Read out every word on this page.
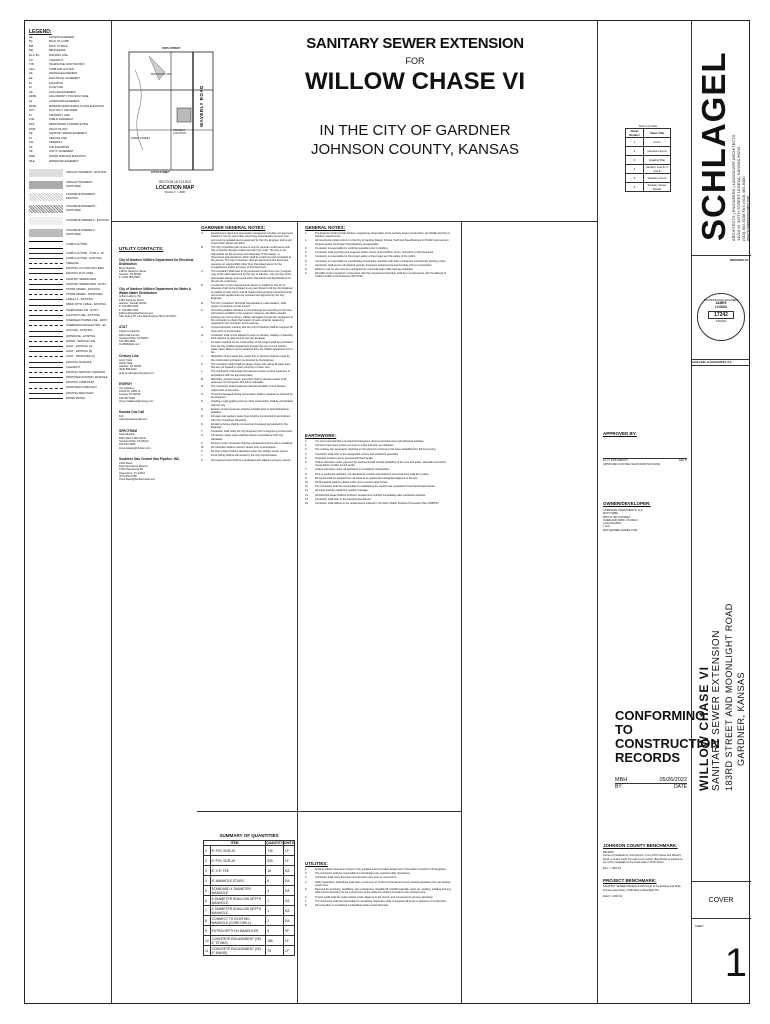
LEGEND:
AE	ACCESS EASEMENT
BC	BACK OF CURB
B/B	BACK TO BACK
BM	BENCHMARK
BL or B.L.	BUILDING LINE
CO	CLEANOUT
TJB	TELEPHONE JUNCTION BOX
C&G	CURB AND GUTTER
DE	DRAINAGE EASEMENT
EE	ELECTRICAL EASEMENT
EL	ELEVATION
FL	FLOW LINE
GE	GAS LINE EASEMENT
HDPE	HIGH DENSITY POLYETHYLENE
LE	LANDSCAPE EASEMENT
MFPE	MINIMUM SERVICEABLE FLOOR ELEVATION
PVC	POLYVINYL CHLORIDE
PL	PROPERTY LINE
PUE	PUBLIC EASEMENT
RCP	REINFORCED CONCRETE PIPE
ROW	RIGHT-OF-WAY
SE	SANITARY SEWER EASEMENT
SL	SERVICE LINE
SW	SIDEWALK
TE	TOP ELEVATION
UE	UTILITY EASEMENT
WSE	WATER SURFACE ELEVATION
WLE	WATERLINE EASEMENT
ASPHALT PAVEMENT - EXISTING
ASPHALT PAVEMENT - PROPOSED
CONCRETE PAVEMENT - EXISTING
CONCRETE PAVEMENT - PROPOSED
CONCRETE SIDEWALK - EXISTING
CONCRETE SIDEWALK - PROPOSED
CURB & GUTTER
CURB & GUTTER - TYPE A - 20'
CURB & GUTTER - EXISTING
TREELINE
EXISTING LOT AND R/W LINES
EXISTING PLAT LINES
SANITARY SEWER MAIN
SANITARY SEWER MAIN - EXIST
STORM SEWER - EXISTING
STORM SEWER - PROPOSED
CABLE TV - EXISTING
FIBER OPTIC CABLE - EXISTING
TELEPHONE LINE - EXIST
ELECTRIC LINE - EXISTING
OVERHEAD POWER LINE - EXIST
UNDERGROUND ELECTRIC - EX
GAS LINE - EXISTING
WATERLINE - EXISTING
WATER - SERVICE LINE
LIGHT - EXISTING (H)
LIGHT - EXISTING (B)
LIGHT - PROPOSED (H)
EXISTING MANHOLE
CLEANOUT
EXISTING SANITARY MANHOLE
PROPOSED SANITARY MANHOLE
EXISTING CURB INLET
PROPOSED CURB INLET
EXISTING AREA INLET
WATER METER
159TH STREET
MOONLIGHT RD
WAVERLY ROAD
183RD STREET
PROJECT LOCATION
167TH STREET
SECTION 15-T14-R22
LOCATION MAP
SCALE 1" = 2000'
SANITARY SEWER EXTENSION
FOR
WILLOW CHASE VI
IN THE CITY OF GARDNER
JOHNSON COUNTY, KANSAS
UTILITY CONTACTS:
City of Gardner Utilities Department for Electrical Distribution
Bruce Baldwin
1450 E Santa Fe Street
Gardner, KS 66030
P: (913) 856-0965
City of Gardner Utilities Department for Water & Waste-Water Distribution
Jeffrey Lafferty, PE
1450 Santa Fe Street
Gardner, Kansas 66030
P: 913-856-0965
F: 913-856-7323
jlafferty@GardnerKansas.gov
After Hours Ph: Line Maintenance (913) 213-6817
AT&T
Clayton Arrasmith
9444 Nall Avenue
Overland Park, KS 66207
913-383-4929
CA4809@att.com
Century Link
Andy Tudor
400 E. Main
Gardner, KS 66030
(913) 856-2222
andy.w.tudor@centurylink.com
EVERGY
Jim Gallowus
16215 W. 108th St
Lenexa, KS 66219
913-667-5118
Jimmy.Gallowus@evergy.com
Kansas One Call
811
www.kansasonecall.com
SPECTRUM
Steve Bowker
8221 West 119th Street
Overland Park, KS 66213
913-643-1930
steve.bowker@charter.com
Southern Star Central Gas Pipeline, INC.
Chris Davis
Field Operations Director
4700 State Route 56
Owensboro, KY 42301
(270) 852-5155
Chris.Davis@Southernstar.com
GARDNER GENERAL NOTES:
A.	Development plans and stormwater management studies are approved initially for two (2) years after which they automatically become void and must be updated and re-approved by the City Engineer before any construction will be permitted.
B.	The City of Gardner plan review is only for general conformance with City of Gardner Design Criteria and the City Code. The City is not responsible for the accuracy and adequacy of the design, or dimensions and elevations which shall be confirmed and correlated at the job site. The City of Gardner, through approval of this document, assumes no responsibility other than that stated above for the completeness and/or accuracy of this document.
C.	The contractor shall have in his possession at all times one (1) signed copy of the plans approved by the City of Gardner, one (1) copy of the appropriate Design and Construction Standards and Specifications at the job site at all times.
D.	Construction of the improvements shown or implied by this set of drawings shall not be initiated in any part thereof until the City Engineer is notified of such intent, and all required and properly executed bonds and contract agreements are received and approved by the City Engineer.
E.	The City of Gardner Technical Specifications, Latest Edition, shall govern construction of this project.
F.	All existing utilities indicated on the drawings are according to the best information available to the engineer; however, all utilities actually existing may not be shown. Utilities damaged through the negligence of the contractor to obtain the location of same shall be repaired or replaced by the contractor at his expense.
G.	A preconstruction meeting with the City of Gardner shall be required 48 hours prior to construction.
H.	Contractor shall not be allowed to work on Sunday. Holiday or Saturday work shall be as approved by the City Engineer.
I.	All water required for the construction of this project shall be purchased from the City Utilities Department through the use of a fire hydrant water meter. Meters can be obtained from the Utilities Department for a fee.
J.	Relocation of any water line, sewer line or services shall be made by the construction contractor as directed by the Engineer.
K.	The contractor shall install 12 gauge copper wire along all water lines that are not located in close proximity to tracer wire.
L.	The Contractor shall install and maintain erosion control measures in accordance with the approved plans.
M.	Manholes, junction boxes, and inlets shall be placed outside of all pavement and proposed and future sidewalks.
N.	The Contractor shall install and maintain all traffic control devices required for construction.
O.	Trenches damaged during construction shall be repaired as directed by the Engineer.
P.	Grading, rough grading and any other construction shall be coordinated with the City.
Q.	Erosion control measures shall be installed prior to land disturbance activities.
R.	All water and sanitary sewer lines shall be constructed in accordance with City of Gardner standards.
S.	Eroded concrete shall be removed and replaced as required by the Engineer.
T.	Contractor shall notify the City Engineer prior to beginning construction.
U.	All sanitary sewer pipes shall be tested in accordance with City standards.
V.	Erosion control measures shall be maintained until the site is stabilized.
W.	All manholes shall be vacuum tested prior to acceptance.
X.	No storm water shall be allowed to enter the sanitary sewer system.
Y.	Proof rolling shall be witnessed by the City representative.
Z.	All proposed work shall be coordinated with adjacent property owners.
GENERAL NOTES:
1.	The Engineer shall provide full-time engineering observation of the sanitary sewer construction, per KDHE and City of Gardner requirements.
2.	All construction shall conform to the City of Gardner Design Criteria, Technical Specifications for Public Improvement Projects and/or the Project Specifications as applicable.
3.	Contractor is responsible for verifying quantities prior to bidding.
4.	Contractor shall promptly give engineer written notice of all conflicts, errors, omissions or discrepancies.
5.	Contractor is responsible for the proper safety of the project and the safety of the public.
6.	Contractor is responsible for coordinating construction activities with other contractors concurrently working onsite.
7.	Contractor shall secure all required permits, insurance requirements and bonding prior to construction.
8.	Water for use on site must be purchased from the local water utility having jurisdiction.
9.	All traffic control required in conjunction with the proposed construction shall be in conformance with the Manual of Uniform Traffic Control Devices (MUTCD).
EARTHWORK:
1.	It is recommended that a Geotechnical Engineer observe and document all earthwork activities.
2.	Contours have been shown at 1-foot or 2-foot intervals, as indicated.
3.	The existing site topography depicted on the plans for contouring has been established by field surveying.
4.	Contractor shall refer to the topographic survey and earthwork quantities.
5.	Proposed contours are to proposed finished grade.
6.	Unless otherwise noted, payment for earthwork shall include backfilling of the cuts and gutter, sidewalk and further manipulation of utility trench spoils.
7.	Unless otherwise noted, all earthwork is considered Unclassified.
8.	Prior to earthwork activities, pre-disturbance erosion and sediment control devices shall be in place.
9.	All topsoil shall be stripped from all areas to be graded and stockpiled adjacent to the site.
10.	All fill material shall be placed in lifts not to exceed eight inches.
11.	The Contractor shall be responsible for establishing the topsoil over proposed turf and landscaped areas.
12.	All areas shall be graded for positive drainage.
13.	All disturbed areas shall be fertilized, seeded and mulched immediately after earthwork activities.
14.	Contractor shall refer to the Geotechnical Report.
15.	Contractor shall adhere to the requirements outlined in the Storm Water Pollution Prevention Plan (SWPPP).
UTILITIES:
1.	Existing utilities have been shown to the greatest extent possible based upon information provided to the Engineer.
2.	The Contractor shall be responsible for coordinating any required utility relocations.
3.	Contractor shall verify flow-lines and structure tops prior to construction.
4.	Utility Separation: Waterlines shall have a minimum of 10 feet horizontal and 2 feet vertical separation from all sanitary sewer lines.
5.	Payment for trenching, backfilling, pipe embedment, flowable fill, backfill materials, clean up, seeding, sodding and any other items necessary for the construction of the utility line shall be included in the contract price.
6.	Trench spoils shall be neatly placed onsite adjacent to the trench, and compacted to prevent saturation.
7.	The Contractor shall be responsible for contacting respective utility companies 48 hours in advance of construction.
8.	All excavation is considered unclassified unless noted otherwise.
SUMMARY OF QUANTITIES
ITEM		QUANTITY	UNITS
1	8" PVC SDR-26	745	LF
2	6" PVC SDR-26	839	LF
3	8" X 6" TEE	16	EA
4	8" MANHOLE STUBS	8	EA
5	STANDARD 4' DIAMETER MANHOLE	3	EA
6	5' DIAMETER SHALLOW DEPTH MANHOLE	1	EA
7	4' DIAMETER SHALLOW DEPTH MANHOLE	1	EA
8	CONNECT TO EXISTING MANHOLE (CORE DRILL)	2	EA
9	EXTRA DEPTH IN MANHOLES	6	VF
10	CONCRETE ENCASEMENT (ON 8" STUBS)	185	LF
11	CONCRETE ENCASEMENT (ON 6" MAINS)	75	LF
Sheet List Table
Sheet Number	Sheet Title
1	Cover
2	General Layout
3	Grading Plan
4	Sanitary Line B, C and E
5	Sanitary Line D
6	Sanitary Sewer Details
APPROVED BY:
CITY ENGINEER	DATE
APPROVED FOR ONE YEAR FROM THIS DATE
OWNER/DEVELOPER:
COMPLETE INVESTMENTS, LLC
MATT MABE
8645 W. 95TH STREET
OVERLAND PARK, KS 66212
p:913-224-8811
f: N/A
MATT@MABE-HOMES.COM
CONFORMING TO CONSTRUCTION RECORDS
MBH	05/26/2022
BY	DATE
JOHNSON COUNTY BENCHMARK:
BM-9008
Center of headwall on concrete box. From 167th Street and Waverly Road, proceed south 1/2 mile to box culvert. Benchmark is located on top of box headwall on the south side of 167th Street.
Elev. = 1051.18
PROJECT BENCHMARK:
SANITARY SEWER MANHOLE 25ft South of the Existing and Wide Terrace intersection, ±29ft West of Moonlight Rd.
ELEV = 1053.43
SCHLAGEL ARCHITECTS | ENGINEERS | LANDSCAPE ARCHITECTS 14920 W. 107TH STREET LENEXA, KANSAS 66215 (913) 492-5158 FAX (913) 492-8400 www.schlagelassociates.com
PREPARED BY:
PROFESSIONAL ENGINEER
JAMES
LOGAN
17242
KANSAS
SCHLAGEL & ASSOCIATES, P.A.
WILLOW CHASE VI SANITARY SEWER EXTENSION 183RD STREET AND MOONLIGHT ROAD GARDNER, KANSAS
COVER
SHEET
1
